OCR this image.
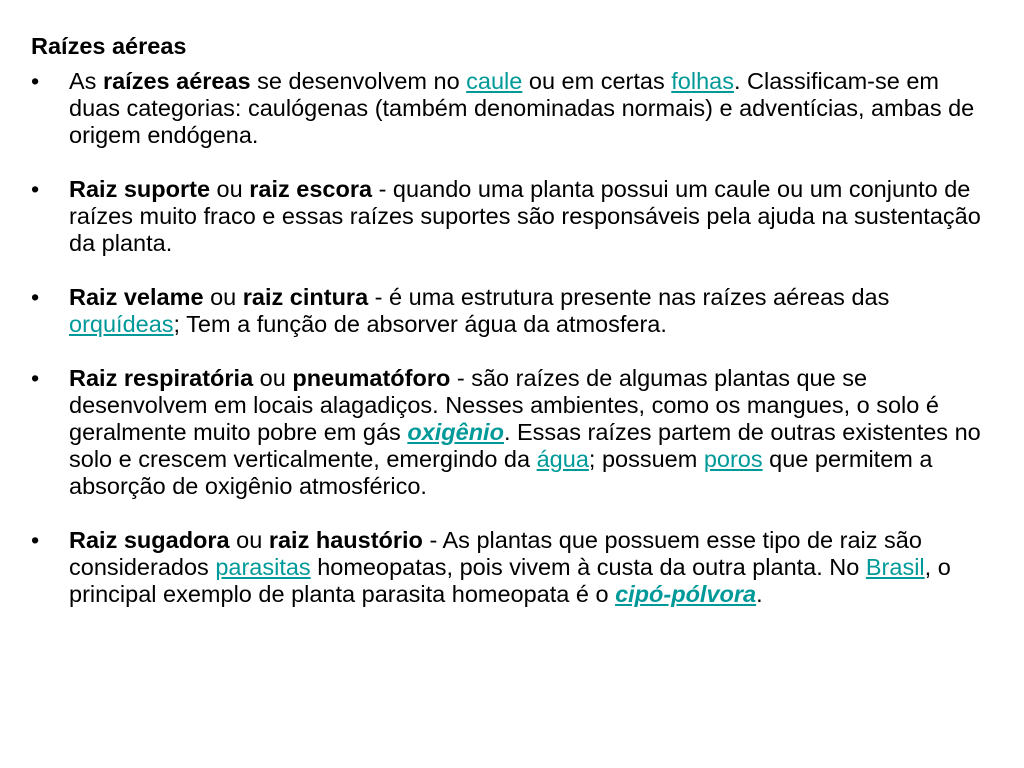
Raízes aéreas
• As raízes aéreas se desenvolvem no caule ou em certas folhas. Classificam-se em duas categorias: caulógenas (também denominadas normais) e adventícias, ambas de origem endógena.
• Raiz suporte ou raiz escora - quando uma planta possui um caule ou um conjunto de raízes muito fraco e essas raízes suportes são responsáveis pela ajuda na sustentação da planta.
• Raiz velame ou raiz cintura - é uma estrutura presente nas raízes aéreas das orquídeas; Tem a função de absorver água da atmosfera.
• Raiz respiratória ou pneumatóforo - são raízes de algumas plantas que se desenvolvem em locais alagadiços. Nesses ambientes, como os mangues, o solo é geralmente muito pobre em gás oxigênio. Essas raízes partem de outras existentes no solo e crescem verticalmente, emergindo da água; possuem poros que permitem a absorção de oxigênio atmosférico.
• Raiz sugadora ou raiz haustório - As plantas que possuem esse tipo de raiz são considerados parasitas homeopatas, pois vivem à custa da outra planta. No Brasil, o principal exemplo de planta parasita homeopata é o cipó-pólvora.
